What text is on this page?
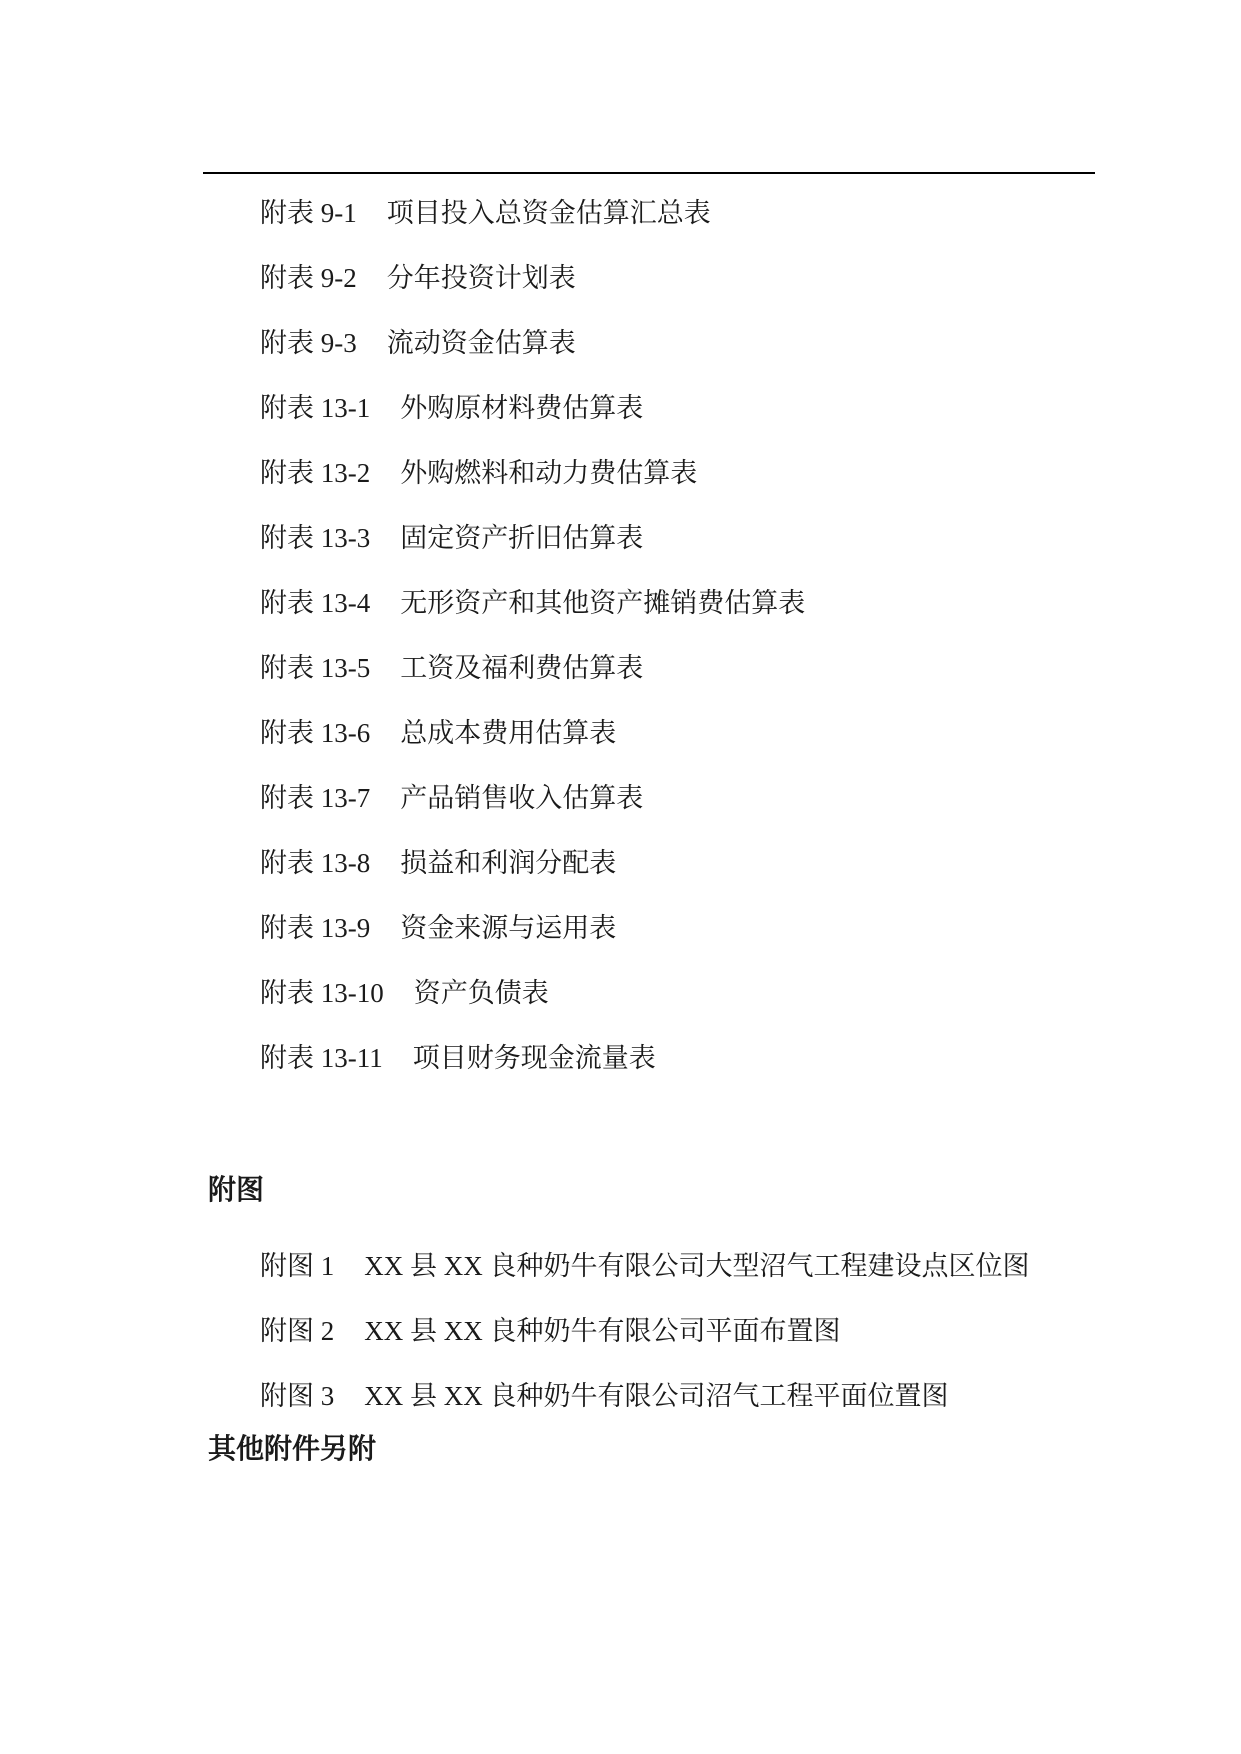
附表 9-1 项目投入总资金估算汇总表
附表 9-2 分年投资计划表
附表 9-3 流动资金估算表
附表 13-1 外购原材料费估算表
附表 13-2 外购燃料和动力费估算表
附表 13-3 固定资产折旧估算表
附表 13-4 无形资产和其他资产摊销费估算表
附表 13-5 工资及福利费估算表
附表 13-6 总成本费用估算表
附表 13-7 产品销售收入估算表
附表 13-8 损益和利润分配表
附表 13-9 资金来源与运用表
附表 13-10 资产负债表
附表 13-11 项目财务现金流量表
附图
附图 1 XX 县 XX 良种奶牛有限公司大型沼气工程建设点区位图
附图 2 XX 县 XX 良种奶牛有限公司平面布置图
附图 3 XX 县 XX 良种奶牛有限公司沼气工程平面位置图
其他附件另附
